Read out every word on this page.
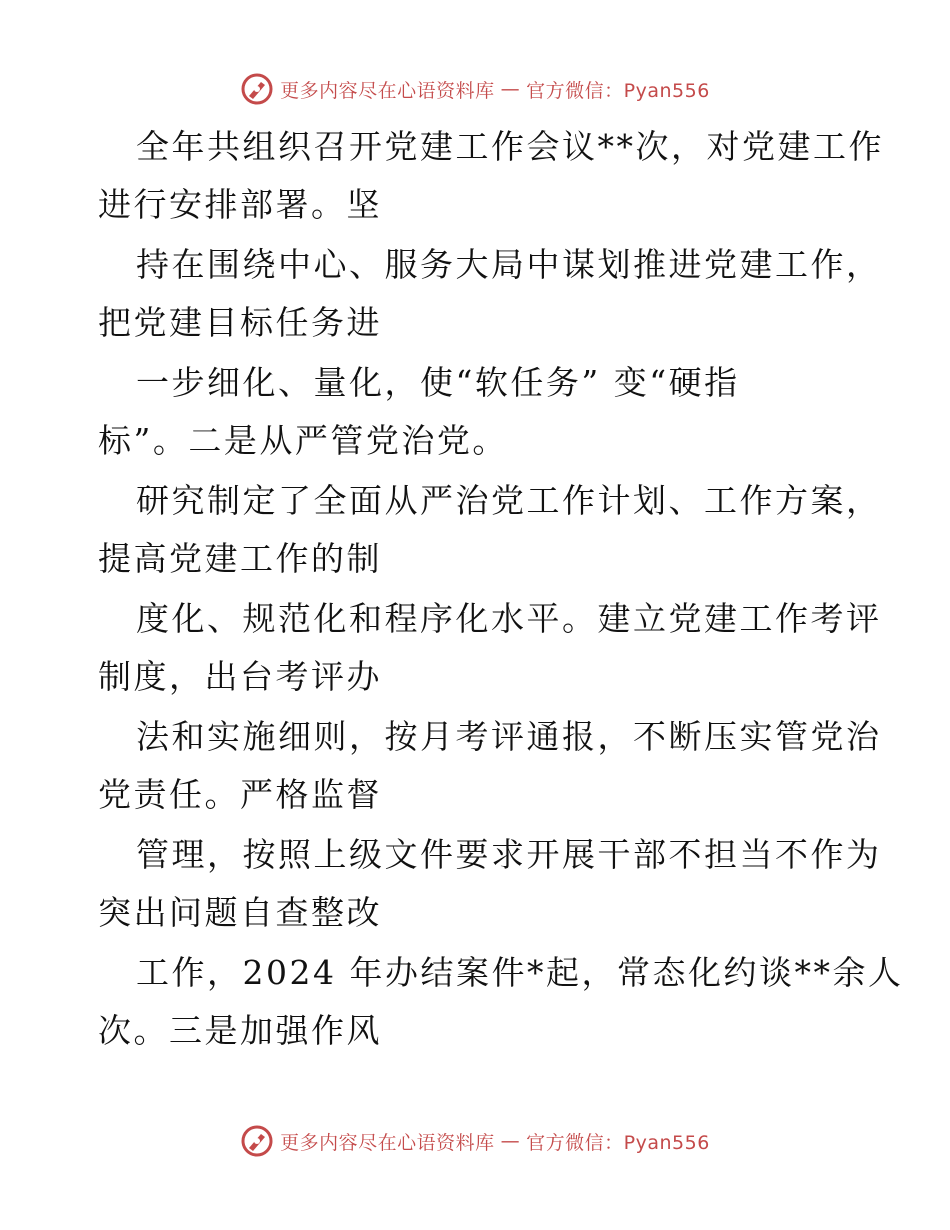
更多内容尽在心语资料库 — 官方微信：Pyan556

全年共组织召开党建工作会议**次，对党建工作
进行安排部署。坚

持在围绕中心、服务大局中谋划推进党建工作，
把党建目标任务进

一步细化、量化，使“软任务” 变“硬指
标”。二是从严管党治党。

研究制定了全面从严治党工作计划、工作方案，
提高党建工作的制

度化、规范化和程序化水平。建立党建工作考评
制度，出台考评办

法和实施细则，按月考评通报，不断压实管党治
党责任。严格监督

管理，按照上级文件要求开展干部不担当不作为
突出问题自查整改

工作，2024 年办结案件*起，常态化约谈**余人
次。三是加强作风

更多内容尽在心语资料库 — 官方微信：Pyan556
